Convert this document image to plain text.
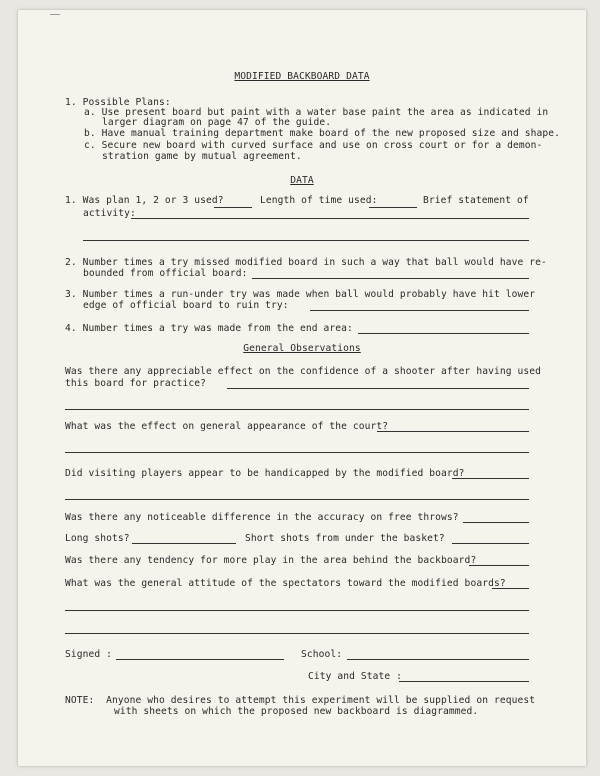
MODIFIED BACKBOARD DATA
1. Possible Plans:
a. Use present board but paint with a water base paint the area as indicated in
larger diagram on page 47 of the guide.
b. Have manual training department make board of the new proposed size and shape.
c. Secure new board with curved surface and use on cross court or for a demon-
stration game by mutual agreement.
DATA
1. Was plan 1, 2 or 3 used?	Length of time used:	Brief statement of
activity:
2. Number times a try missed modified board in such a way that ball would have re-
bounded from official board:
3. Number times a run-under try was made when ball would probably have hit lower
edge of official board to ruin try:
4. Number times a try was made from the end area:
General Observations
Was there any appreciable effect on the confidence of a shooter after having used
this board for practice?
What was the effect on general appearance of the court?
Did visiting players appear to be handicapped by the modified board?
Was there any noticeable difference in the accuracy on free throws?
Long shots?	Short shots from under the basket?
Was there any tendency for more play in the area behind the backboard?
What was the general attitude of the spectators toward the modified boards?
Signed :	School:
City and State :
NOTE:  Anyone who desires to attempt this experiment will be supplied on request
with sheets on which the proposed new backboard is diagrammed.
